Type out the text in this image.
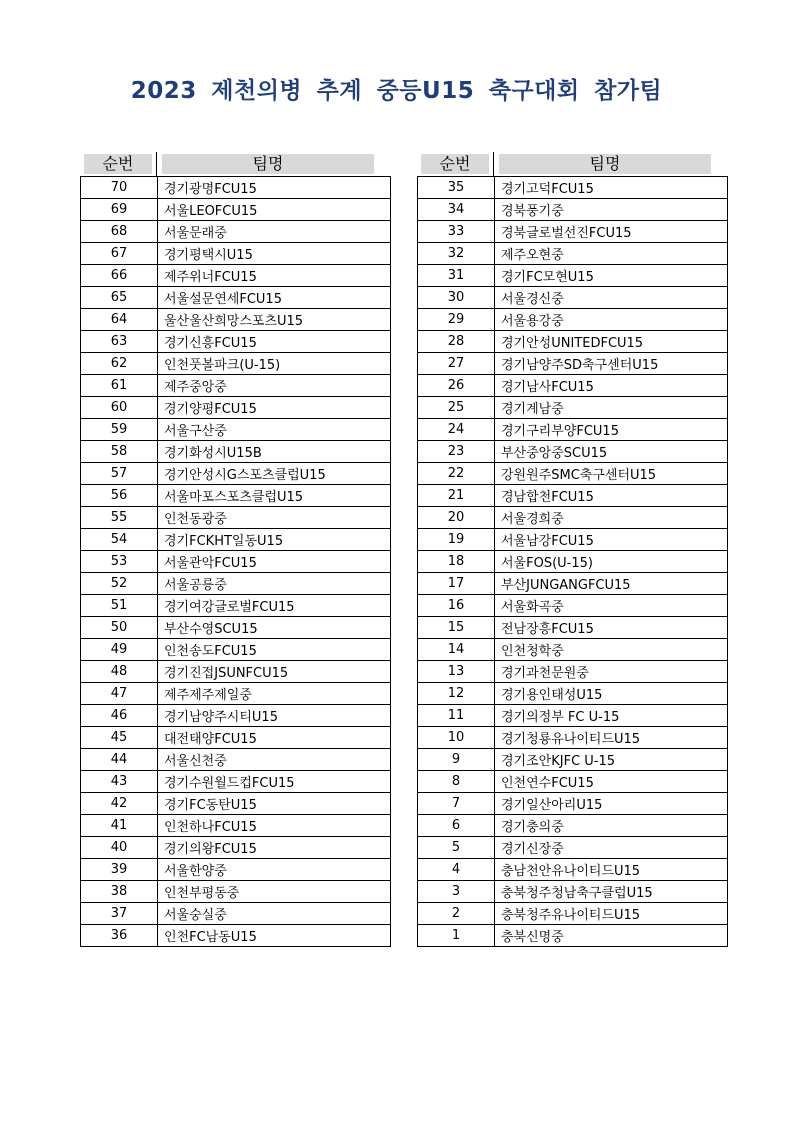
2023 제천의병 추계 중등U15 축구대회 참가팀
순번	팀명
70	경기광명FCU15
69	서울LEOFCU15
68	서울문래중
67	경기평택시U15
66	제주위너FCU15
65	서울설문연세FCU15
64	울산울산희망스포츠U15
63	경기신흥FCU15
62	인천풋볼파크(U-15)
61	제주중앙중
60	경기양평FCU15
59	서울구산중
58	경기화성시U15B
57	경기안성시G스포츠클럽U15
56	서울마포스포츠클럽U15
55	인천동광중
54	경기FCKHT일동U15
53	서울관악FCU15
52	서울공릉중
51	경기여강글로벌FCU15
50	부산수영SCU15
49	인천송도FCU15
48	경기진접JSUNFCU15
47	제주제주제일중
46	경기남양주시티U15
45	대전태양FCU15
44	서울신천중
43	경기수원월드컵FCU15
42	경기FC동탄U15
41	인천하나FCU15
40	경기의왕FCU15
39	서울한양중
38	인천부평동중
37	서울숭실중
36	인천FC남동U15
순번	팀명
35	경기고덕FCU15
34	경북풍기중
33	경북글로벌선진FCU15
32	제주오현중
31	경기FC모현U15
30	서울경신중
29	서울용강중
28	경기안성UNITEDFCU15
27	경기남양주SD축구센터U15
26	경기남사FCU15
25	경기계남중
24	경기구리부양FCU15
23	부산중앙중SCU15
22	강원원주SMC축구센터U15
21	경남합천FCU15
20	서울경희중
19	서울남강FCU15
18	서울FOS(U-15)
17	부산JUNGANGFCU15
16	서울화곡중
15	전남장흥FCU15
14	인천청학중
13	경기과천문원중
12	경기용인태성U15
11	경기의정부 FC U-15
10	경기청룡유나이티드U15
9	경기조안KJFC U-15
8	인천연수FCU15
7	경기일산아리U15
6	경기충의중
5	경기신장중
4	충남천안유나이티드U15
3	충북청주청남축구클럽U15
2	충북청주유나이티드U15
1	충북신명중
